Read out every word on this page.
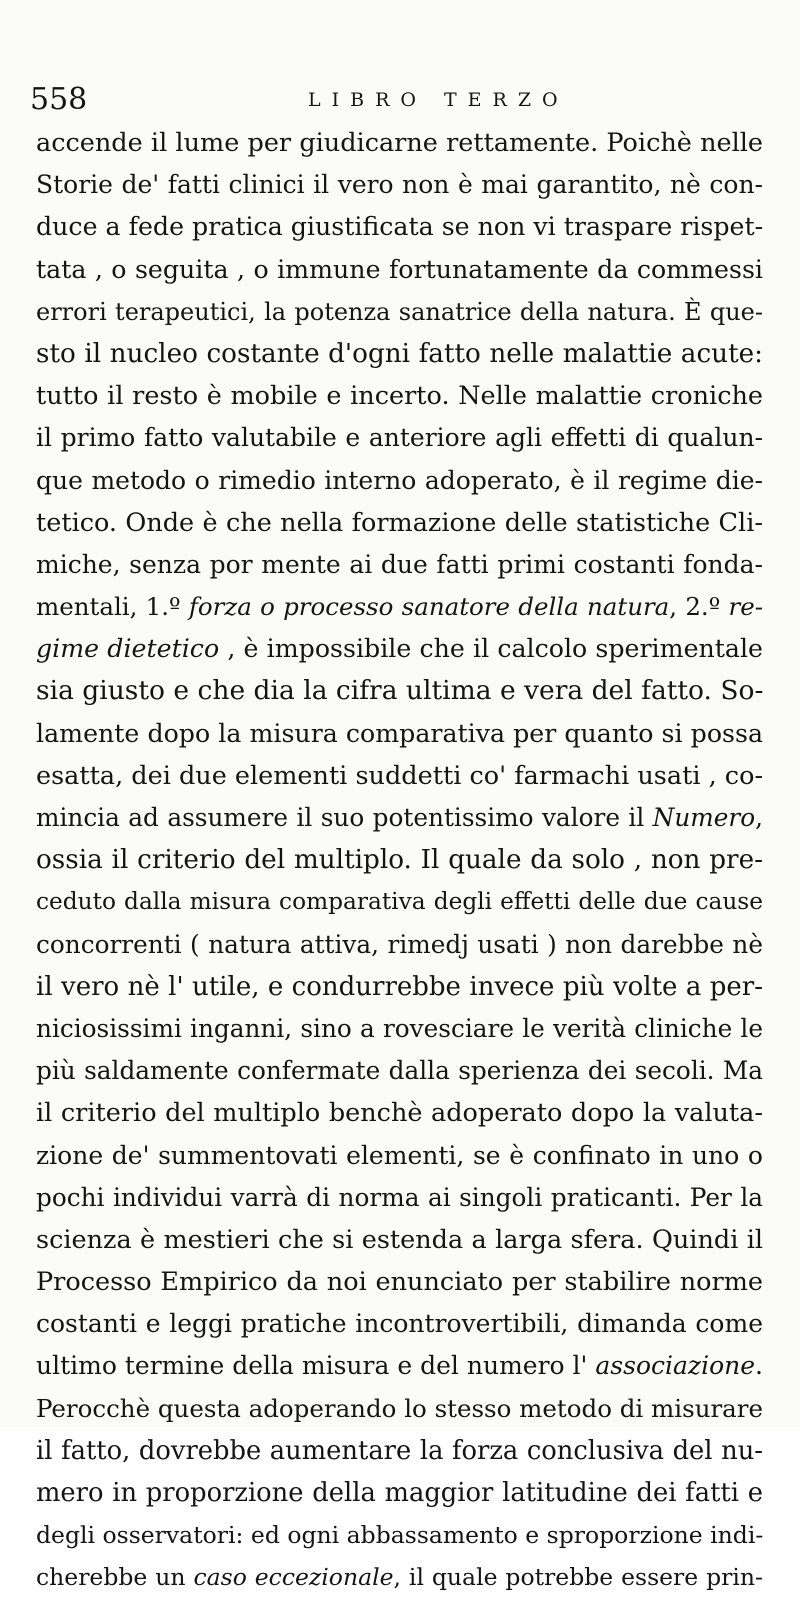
558	LIBRO TERZO
accende il lume per giudicarne rettamente. Poichè nelle
Storie de' fatti clinici il vero non è mai garantito, nè con-
duce a fede pratica giustificata se non vi traspare rispet-
tata , o seguita , o immune fortunatamente da commessi
errori terapeutici, la potenza sanatrice della natura. È que-
sto il nucleo costante d'ogni fatto nelle malattie acute:
tutto il resto è mobile e incerto. Nelle malattie croniche
il primo fatto valutabile e anteriore agli effetti di qualun-
que metodo o rimedio interno adoperato, è il regime die-
tetico. Onde è che nella formazione delle statistiche Cli-
miche, senza por mente ai due fatti primi costanti fonda-
mentali, 1.º forza o processo sanatore della natura, 2.º re-
gime dietetico , è impossibile che il calcolo sperimentale
sia giusto e che dia la cifra ultima e vera del fatto. So-
lamente dopo la misura comparativa per quanto si possa
esatta, dei due elementi suddetti co' farmachi usati , co-
mincia ad assumere il suo potentissimo valore il Numero,
ossia il criterio del multiplo. Il quale da solo , non pre-
ceduto dalla misura comparativa degli effetti delle due cause
concorrenti ( natura attiva, rimedj usati ) non darebbe nè
il vero nè l' utile, e condurrebbe invece più volte a per-
niciosissimi inganni, sino a rovesciare le verità cliniche le
più saldamente confermate dalla sperienza dei secoli. Ma
il criterio del multiplo benchè adoperato dopo la valuta-
zione de' summentovati elementi, se è confinato in uno o
pochi individui varrà di norma ai singoli praticanti. Per la
scienza è mestieri che si estenda a larga sfera. Quindi il
Processo Empirico da noi enunciato per stabilire norme
costanti e leggi pratiche incontrovertibili, dimanda come
ultimo termine della misura e del numero l' associazione.
Perocchè questa adoperando lo stesso metodo di misurare
il fatto, dovrebbe aumentare la forza conclusiva del nu-
mero in proporzione della maggior latitudine dei fatti e
degli osservatori: ed ogni abbassamento e sproporzione indi-
cherebbe un caso eccezionale, il quale potrebbe essere prin-
